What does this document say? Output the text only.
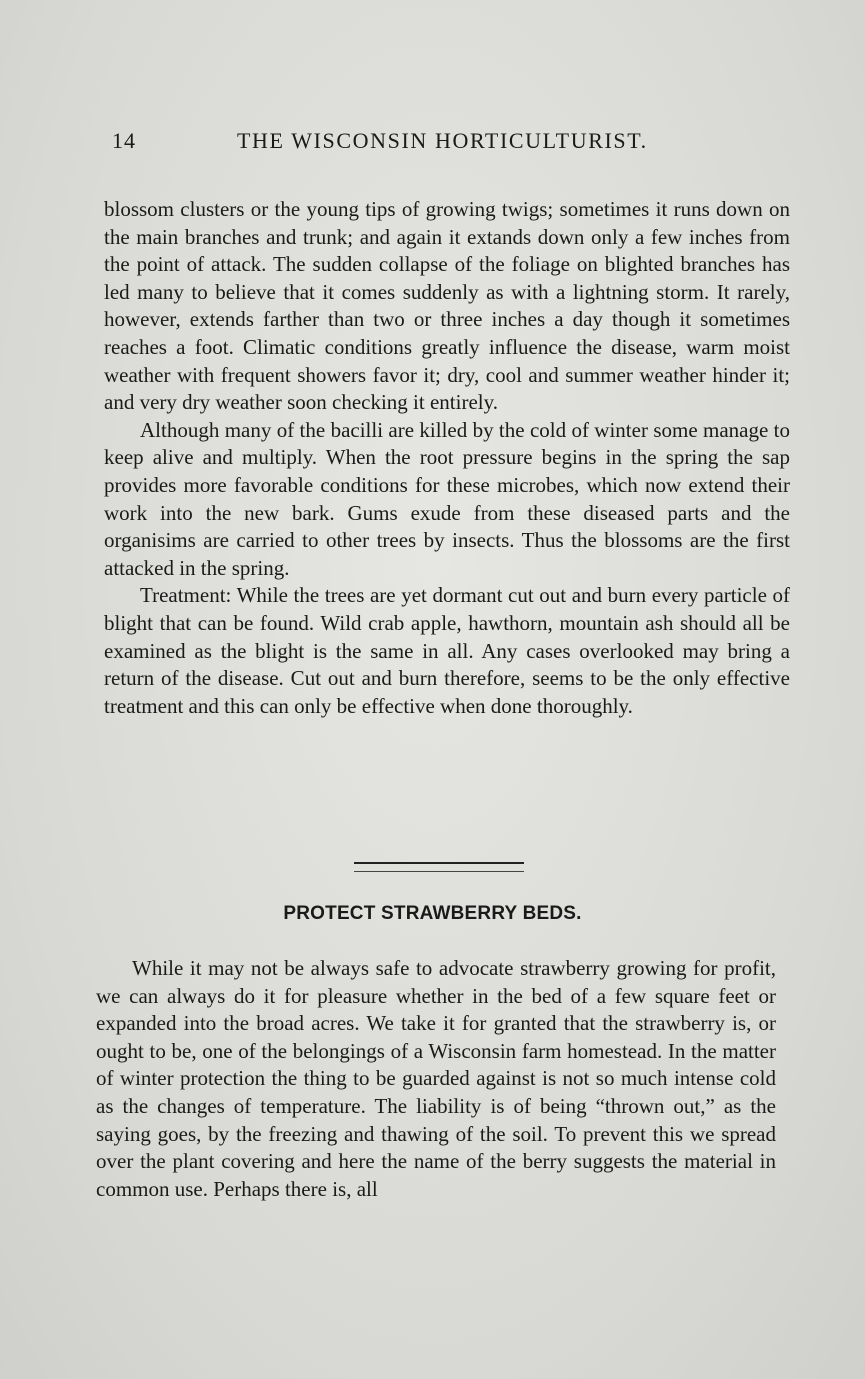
14	THE WISCONSIN HORTICULTURIST.

blossom clusters or the young tips of growing twigs; sometimes it runs down on the main branches and trunk; and again it extands down only a few inches from the point of attack. The sudden collapse of the foliage on blighted branches has led many to believe that it comes suddenly as with a lightning storm. It rarely, however, extends farther than two or three inches a day though it sometimes reaches a foot. Climatic conditions greatly influence the disease, warm moist weather with frequent showers favor it; dry, cool and summer weather hinder it; and very dry weather soon checking it entirely.

Although many of the bacilli are killed by the cold of winter some manage to keep alive and multiply. When the root pressure begins in the spring the sap provides more favorable conditions for these microbes, which now extend their work into the new bark. Gums exude from these diseased parts and the organisims are carried to other trees by insects. Thus the blossoms are the first attacked in the spring.

Treatment: While the trees are yet dormant cut out and burn every particle of blight that can be found. Wild crab apple, hawthorn, mountain ash should all be examined as the blight is the same in all. Any cases overlooked may bring a return of the disease. Cut out and burn therefore, seems to be the only effective treatment and this can only be effective when done thoroughly.

PROTECT STRAWBERRY BEDS.

While it may not be always safe to advocate strawberry growing for profit, we can always do it for pleasure whether in the bed of a few square feet or expanded into the broad acres. We take it for granted that the strawberry is, or ought to be, one of the belongings of a Wisconsin farm homestead. In the matter of winter protection the thing to be guarded against is not so much intense cold as the changes of temperature. The liability is of being “thrown out,” as the saying goes, by the freezing and thawing of the soil. To prevent this we spread over the plant covering and here the name of the berry suggests the material in common use. Perhaps there is, all
